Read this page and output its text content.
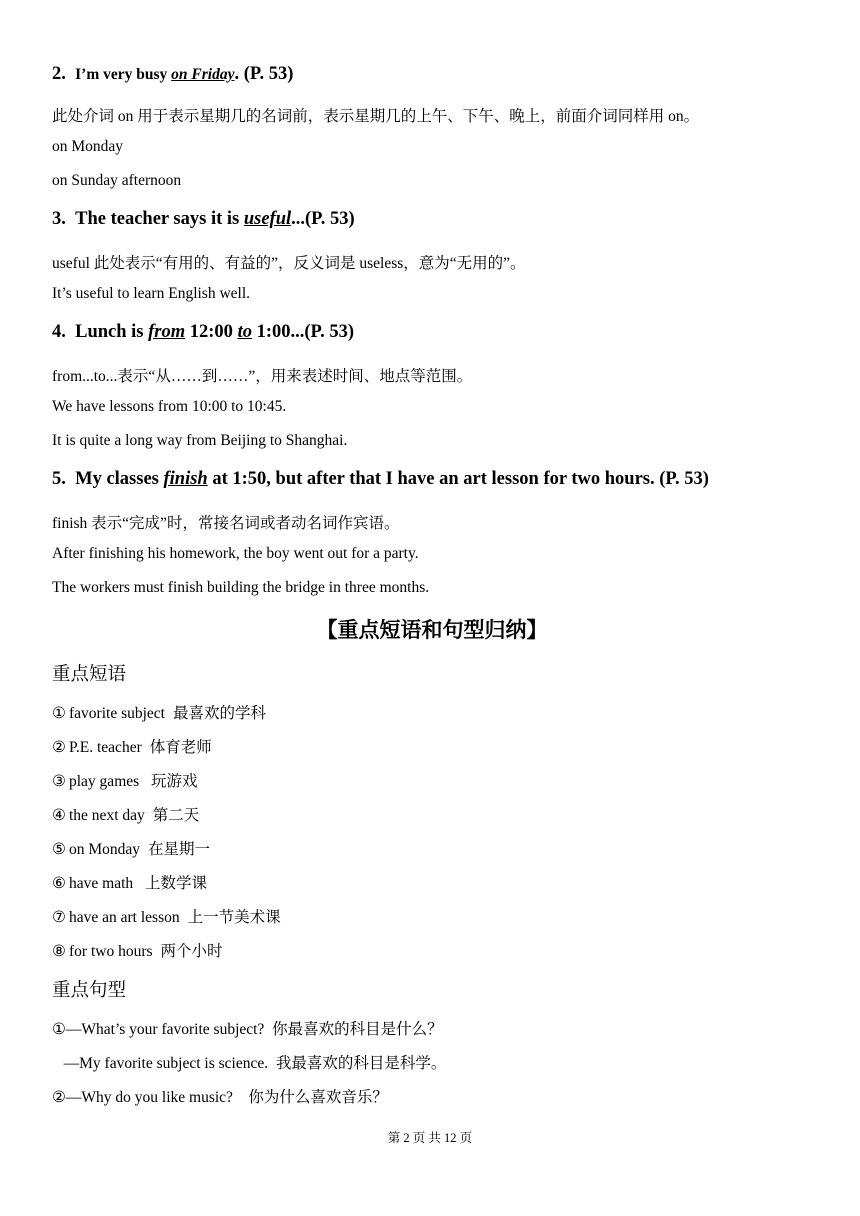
2. I’m very busy on Friday. (P. 53)
此处介词 on 用于表示星期几的名词前，表示星期几的上午、下午、晚上，前面介词同样用 on。
on Monday
on Sunday afternoon
3. The teacher says it is useful...(P. 53)
useful 此处表示“有用的、有益的”，反义词是 useless，意为“无用的”。
It’s useful to learn English well.
4. Lunch is from 12:00 to 1:00...(P. 53)
from...to...表示“从……到……”，用来表述时间、地点等范围。
We have lessons from 10:00 to 10:45.
It is quite a long way from Beijing to Shanghai.
5. My classes finish at 1:50, but after that I have an art lesson for two hours. (P. 53)
finish 表示“完成”时，常接名词或者动名词作宾语。
After finishing his homework, the boy went out for a party.
The workers must finish building the bridge in three months.
【重点短语和句型归纳】
重点短语
① favorite subject 最喜欢的学科
② P.E. teacher 体育老师
③ play games 玩游戏
④ the next day 第二天
⑤ on Monday 在星期一
⑥ have math 上数学课
⑦ have an art lesson 上一节美术课
⑧ for two hours 两个小时
重点句型
①—What’s your favorite subject?  你最喜欢的科目是什么？
—My favorite subject is science.  我最喜欢的科目是科学。
②—Why do you like music?    你为什么喜欢音乐？
第 2 页 共 12 页
